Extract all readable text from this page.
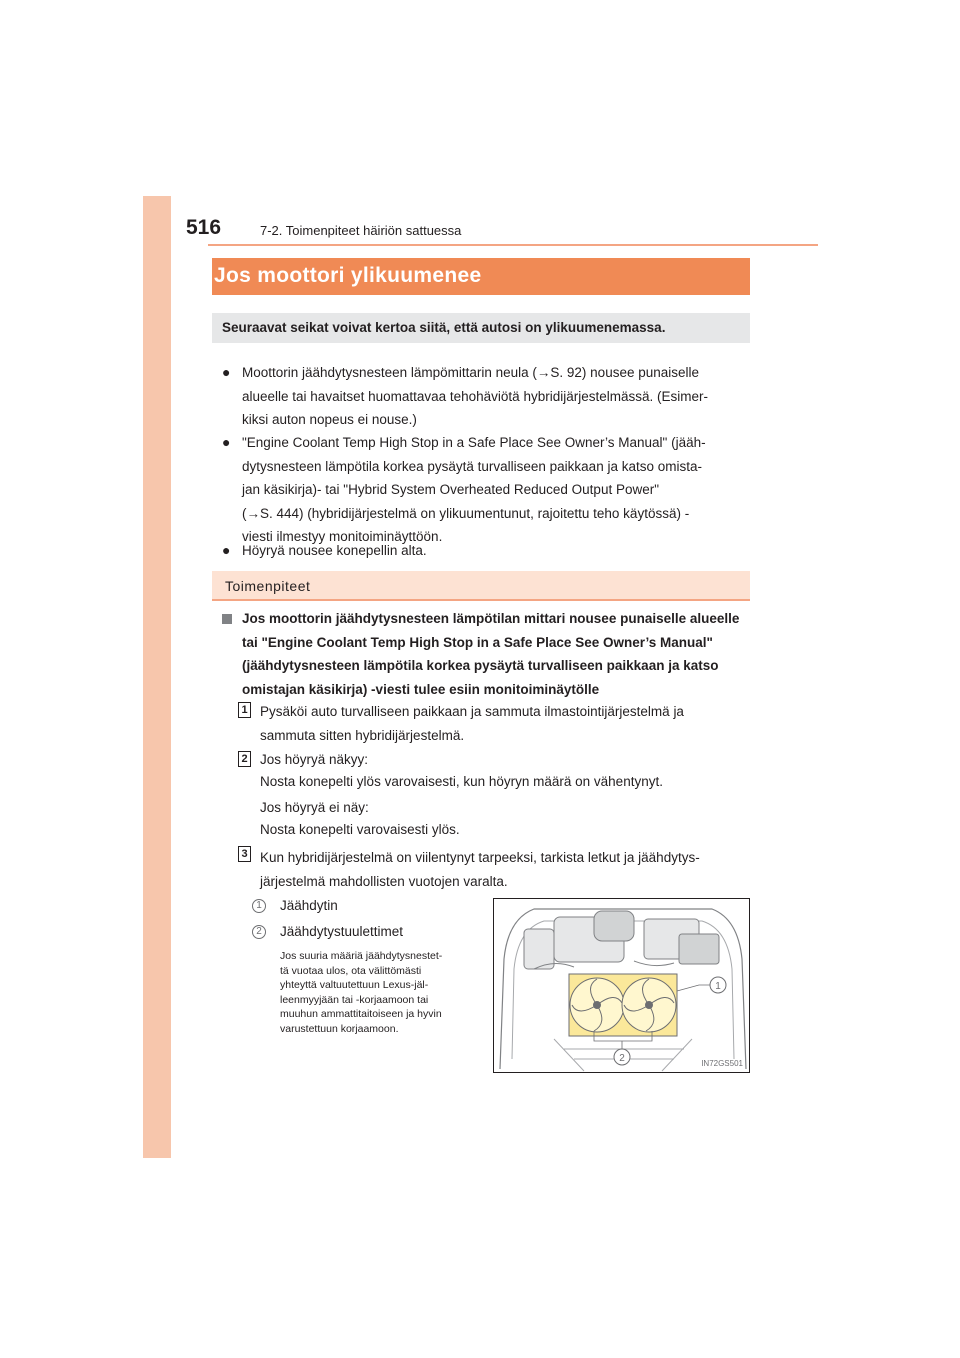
516	7-2. Toimenpiteet häiriön sattuessa
Jos moottori ylikuumenee
Seuraavat seikat voivat kertoa siitä, että autosi on ylikuumenemassa.
● Moottorin jäähdytysnesteen lämpömittarin neula (→S. 92) nousee punaiselle
alueelle tai havaitset huomattavaa tehohäviötä hybridijärjestelmässä. (Esimer-
kiksi auton nopeus ei nouse.)
● "Engine Coolant Temp High Stop in a Safe Place See Owner’s Manual" (jääh-
dytysnesteen lämpötila korkea pysäytä turvalliseen paikkaan ja katso omista-
jan käsikirja)- tai "Hybrid System Overheated Reduced Output Power"
(→S. 444) (hybridijärjestelmä on ylikuumentunut, rajoitettu teho käytössä) -
viesti ilmestyy monitoiminäyttöön.
● Höyryä nousee konepellin alta.
Toimenpiteet
Jos moottorin jäähdytysnesteen lämpötilan mittari nousee punaiselle alueelle
tai "Engine Coolant Temp High Stop in a Safe Place See Owner’s Manual"
(jäähdytysnesteen lämpötila korkea pysäytä turvalliseen paikkaan ja katso
omistajan käsikirja) -viesti tulee esiin monitoiminäytölle
1 Pysäköi auto turvalliseen paikkaan ja sammuta ilmastointijärjestelmä ja
sammuta sitten hybridijärjestelmä.
2 Jos höyryä näkyy:
Nosta konepelti ylös varovaisesti, kun höyryn määrä on vähentynyt.
Jos höyryä ei näy:
Nosta konepelti varovaisesti ylös.
3 Kun hybridijärjestelmä on viilentynyt tarpeeksi, tarkista letkut ja jäähdytys-
järjestelmä mahdollisten vuotojen varalta.
1	Jäähdytin
2	Jäähdytystuulettimet
Jos suuria määriä jäähdytysnestet-
tä vuotaa ulos, ota välittömästi
yhteyttä valtuutettuun Lexus-jäl-
leenmyyjään tai -korjaamoon tai
muuhun ammattitaitoiseen ja hyvin
varustettuun korjaamoon.
1
2	IN72GS501
